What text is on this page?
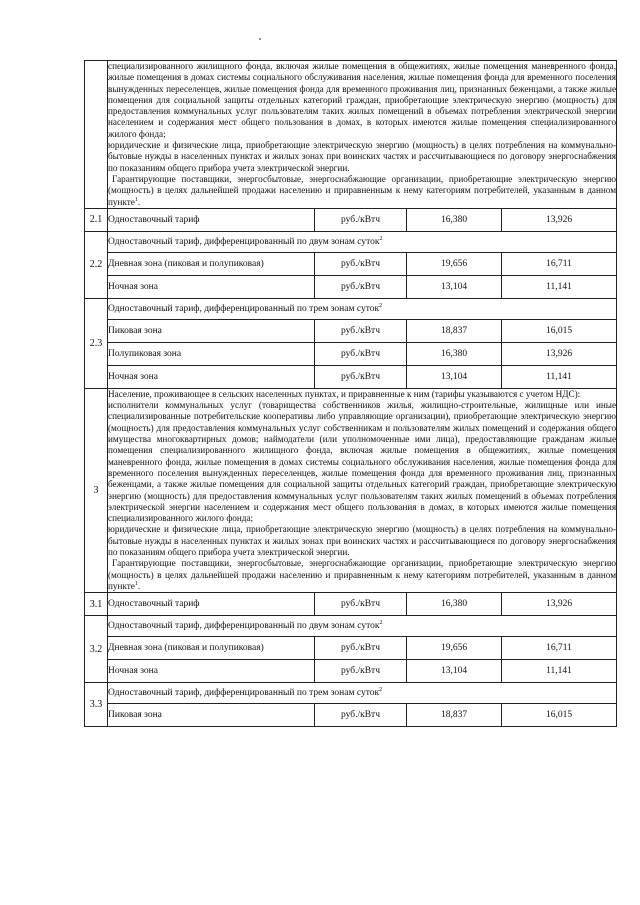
	специализированного жилищного фонда, включая жилые помещения в общежитиях, жилые помещения маневренного фонда, жилые помещения в домах системы социального обслуживания населения, жилые помещения фонда для временного поселения вынужденных переселенцев, жилые помещения фонда для временного проживания лиц, признанных беженцами, а также жилые помещения для социальной защиты отдельных категорий граждан, приобретающие электрическую энергию (мощность) для предоставления коммунальных услуг пользователям таких жилых помещений в объемах потребления электрической энергии населением и содержания мест общего пользования в домах, в которых имеются жилые помещения специализированного жилого фонда;

юридические и физические лица, приобретающие электрическую энергию (мощность) в целях потребления на коммунально-бытовые нужды в населенных пунктах и жилых зонах при воинских частях и рассчитывающиеся по договору энергоснабжения по показаниям общего прибора учета электрической энергии.

Гарантирующие поставщики, энергосбытовые, энергоснабжающие организации, приобретающие электрическую энергию (мощность) в целях дальнейшей продажи населению и приравненным к нему категориям потребителей, указанным в данном пункте$^1$.			

2.1	Одноставочный тариф	руб./кВтч	16,380	13,926
2.2	Одноставочный тариф, дифференцированный по двум зонам суток$^2$
	Дневная зона (пиковая и полупиковая)	руб./кВтч	19,656	16,711
	Ночная зона	руб./кВтч	13,104	11,141
2.3	Одноставочный тариф, дифференцированный по трем зонам суток$^2$
	Пиковая зона	руб./кВтч	18,837	16,015
	Полупиковая зона	руб./кВтч	16,380	13,926
	Ночная зона	руб./кВтч	13,104	11,141
3	Население, проживающее в сельских населенных пунктах, и приравненные к ним (тарифы указываются с учетом НДС):

исполнители коммунальных услуг (товарищества собственников жилья, жилищно-строительные, жилищные или иные специализированные потребительские кооперативы либо управляющие организации), приобретающие электрическую энергию (мощность) для предоставления коммунальных услуг собственникам и пользователям жилых помещений и содержания общего имущества многоквартирных домов; наймодатели (или уполномоченные ими лица), предоставляющие гражданам жилые помещения специализированного жилищного фонда, включая жилые помещения в общежитиях, жилые помещения маневренного фонда, жилые помещения в домах системы социального обслуживания населения, жилые помещения фонда для временного поселения вынужденных переселенцев, жилые помещения фонда для временного проживания лиц, признанных беженцами, а также жилые помещения для социальной защиты отдельных категорий граждан, приобретающие электрическую энергию (мощность) для предоставления коммунальных услуг пользователям таких жилых помещений в объемах потребления электрической энергии населением и содержания мест общего пользования в домах, в которых имеются жилые помещения специализированного жилого фонда;

юридические и физические лица, приобретающие электрическую энергию (мощность) в целях потребления на коммунально-бытовые нужды в населенных пунктах и жилых зонах при воинских частях и рассчитывающиеся по договору энергоснабжения по показаниям общего прибора учета электрической энергии.

Гарантирующие поставщики, энергосбытовые, энергоснабжающие организации, приобретающие электрическую энергию (мощность) в целях дальнейшей продажи населению и приравненным к нему категориям потребителей, указанным в данном пункте$^1$.			

3.1	Одноставочный тариф	руб./кВтч	16,380	13,926
3.2	Одноставочный тариф, дифференцированный по двум зонам суток$^2$
	Дневная зона (пиковая и полупиковая)	руб./кВтч	19,656	16,711
	Ночная зона	руб./кВтч	13,104	11,141
3.3	Одноставочный тариф, дифференцированный по трем зонам суток$^2$
	Пиковая зона	руб./кВтч	18,837	16,015
